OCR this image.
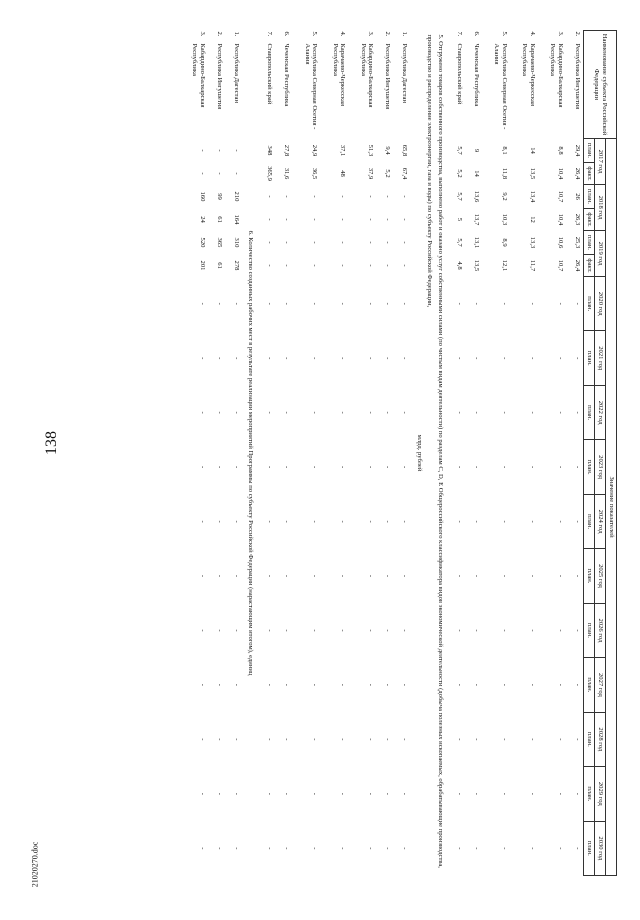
138
21020270.doc
Наименование субъекта Российской Федерации		Значение показателей																
		2017 год		2018 год		2019 год		2020 год	2021 год	2022 год	2023 год	2024 год	2025 год	2026 год	2027 год	2028 год	2029 год	2030 год
		план.	факт.	план.	факт.	план.	факт.	план.	план.	план.	план.	план.	план.	план.	план.	план.	план.	план.
2.	Республика Ингушетия	29,4	26,4	26	26,3	25,3	26,4	-	-	-	-	-	-	-	-	-	-	-
3.	Кабардино-Балкарская Республика	8,8	10,4	10,7	10,4	10,6	10,7	-	-	-	-	-	-	-	-	-	-	-
4.	Карачаево-Черкесская Республика	14	13,5	13,4	12	13,3	11,7	-	-	-	-	-	-	-	-	-	-	-
5.	Республика Северная Осетия - Алания	8,1	11,8	9,2	10,3	8,9	12,1	-	-	-	-	-	-	-	-	-	-	-
6.	Чеченская Республика	9	14	13,6	13,7	13,1	13,5	-	-	-	-	-	-	-	-	-	-	-
7.	Ставропольский край	5,7	5,2	5,7	5	5,7	4,8	-	-	-	-	-	-	-	-	-	-	-
5. Отгружено товаров собственного производства, выполнено работ и оказано услуг собственными силами (по чистым видам деятельности) по разделам C, D, E Общероссийского классификатора видов экономической деятельности (добыча полезных ископаемых, обрабатывающие производства, производство и распределение электроэнергии, газа и воды) по субъекту Российской Федерации,
млрд. рублей																		

1.	Республика Дагестан	65,8	67,4	-	-	-	-	-	-	-	-	-	-	-	-	-	-	-
2.	Республика Ингушетия	9,4	5,2	-	-	-	-	-	-	-	-	-	-	-	-	-	-	-
3.	Кабардино-Балкарская Республика	51,3	37,9	-	-	-	-	-	-	-	-	-	-	-	-	-	-	-
4.	Карачаево-Черкесская Республика	37,1	48	-	-	-	-	-	-	-	-	-	-	-	-	-	-	-
5.	Республика Северная Осетия - Алания	24,9	36,5	-	-	-	-	-	-	-	-	-	-	-	-	-	-	-
6.	Чеченская Республика	27,8	31,6	-	-	-	-	-	-	-	-	-	-	-	-	-	-	-
7.	Ставропольский край	348	365,9	-	-	-	-	-	-	-	-	-	-	-	-	-	-	-
6. Количество созданных рабочих мест в результате реализации мероприятий Программы по субъекту Российской Федерации (нарастающим итогом), единиц																		
1.	Республика Дагестан	-	-	210	164	310	278	-	-	-	-	-	-	-	-	-	-	-
2.	Республика Ингушетия	-	-	99	61	365	61	-	-	-	-	-	-	-	-	-	-	-
3.	Кабардино-Балкарская Республика	-	-	160	24	520	201	-	-	-	-	-	-	-	-	-	-	-
